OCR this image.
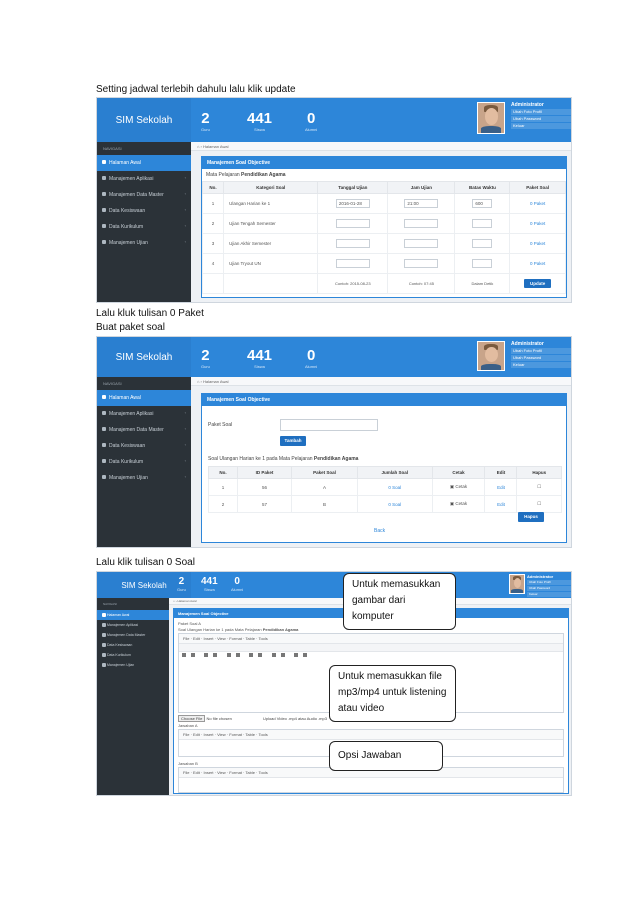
Setting jadwal terlebih dahulu lalu klik update
SIM Sekolah	2
Guru
441
Siswa
0
Alumni
Administrator
Ubah Foto Profil
Ubah Password
Keluar
NAVIGASI
Halaman Awal
Manajemen Aplikasi	‹
Manajemen Data Master	‹
Data Kesiswaan	‹
Data Kurikulum	‹
Manajemen Ujian	‹
⌂ › Halaman Awal
Manajemen Soal Objective
Mata Pelajaran Pendidikan Agama
No.	Kategori Soal	Tanggal Ujian	Jam Ujian	Batas Waktu	Paket Soal
1	Ulangan Harian ke 1	2016-01-28	21:00	600	0 Paket
2	Ujian Tengah Semester				0 Paket
3	Ujian Akhir Semester				0 Paket
4	Ujian Tryout UN				0 Paket
		Contoh: 2015-08-23	Contoh: 07:45	Dalam Detik	Update
Lalu kluk tulisan 0 Paket
Buat paket soal
SIM Sekolah	2
Guru
441
Siswa
0
Alumni
Administrator
Ubah Foto Profil
Ubah Password
Keluar
NAVIGASI
Halaman Awal
Manajemen Aplikasi	‹
Manajemen Data Master	‹
Data Kesiswaan	‹
Data Kurikulum	‹
Manajemen Ujian	‹
⌂ › Halaman Awal
Manajemen Soal Objective
Paket Soal
Tambah
Soal Ulangan Harian ke 1 pada Mata Pelajaran Pendidikan Agama
No.	ID Paket	Paket Soal	Jumlah Soal	Cetak	Edit	Hapus
1	56	A	0 Soal	▣ Cetak	Edit	☐
2	57	B	0 Soal	▣ Cetak	Edit	☐
Hapus
Back
Lalu klik tulisan 0 Soal
SIM Sekolah	2
Guru
441
Siswa
0
Alumni
Administrator
Ubah Foto Profil
Ubah Password
Keluar
NAVIGASI
Halaman Awal
Manajemen Aplikasi
Manajemen Data Master
Data Kesiswaan
Data Kurikulum
Manajemen Ujian
⌂ › Halaman Awal
Manajemen Soal Objective
Paket Soal A
Soal Ulangan Harian ke 1 pada Mata Pelajaran Pendidikan Agama
File · Edit · Insert · View · Format · Table · Tools

Choose File No file chosen	Upload Video .mp4 atau Audio .mp3
Jawaban A
File · Edit · Insert · View · Format · Table · Tools
Jawaban B
File · Edit · Insert · View · Format · Table · Tools
Untuk memasukkan gambar dari komputer
Untuk memasukkan file mp3/mp4 untuk listening atau video
Opsi Jawaban
